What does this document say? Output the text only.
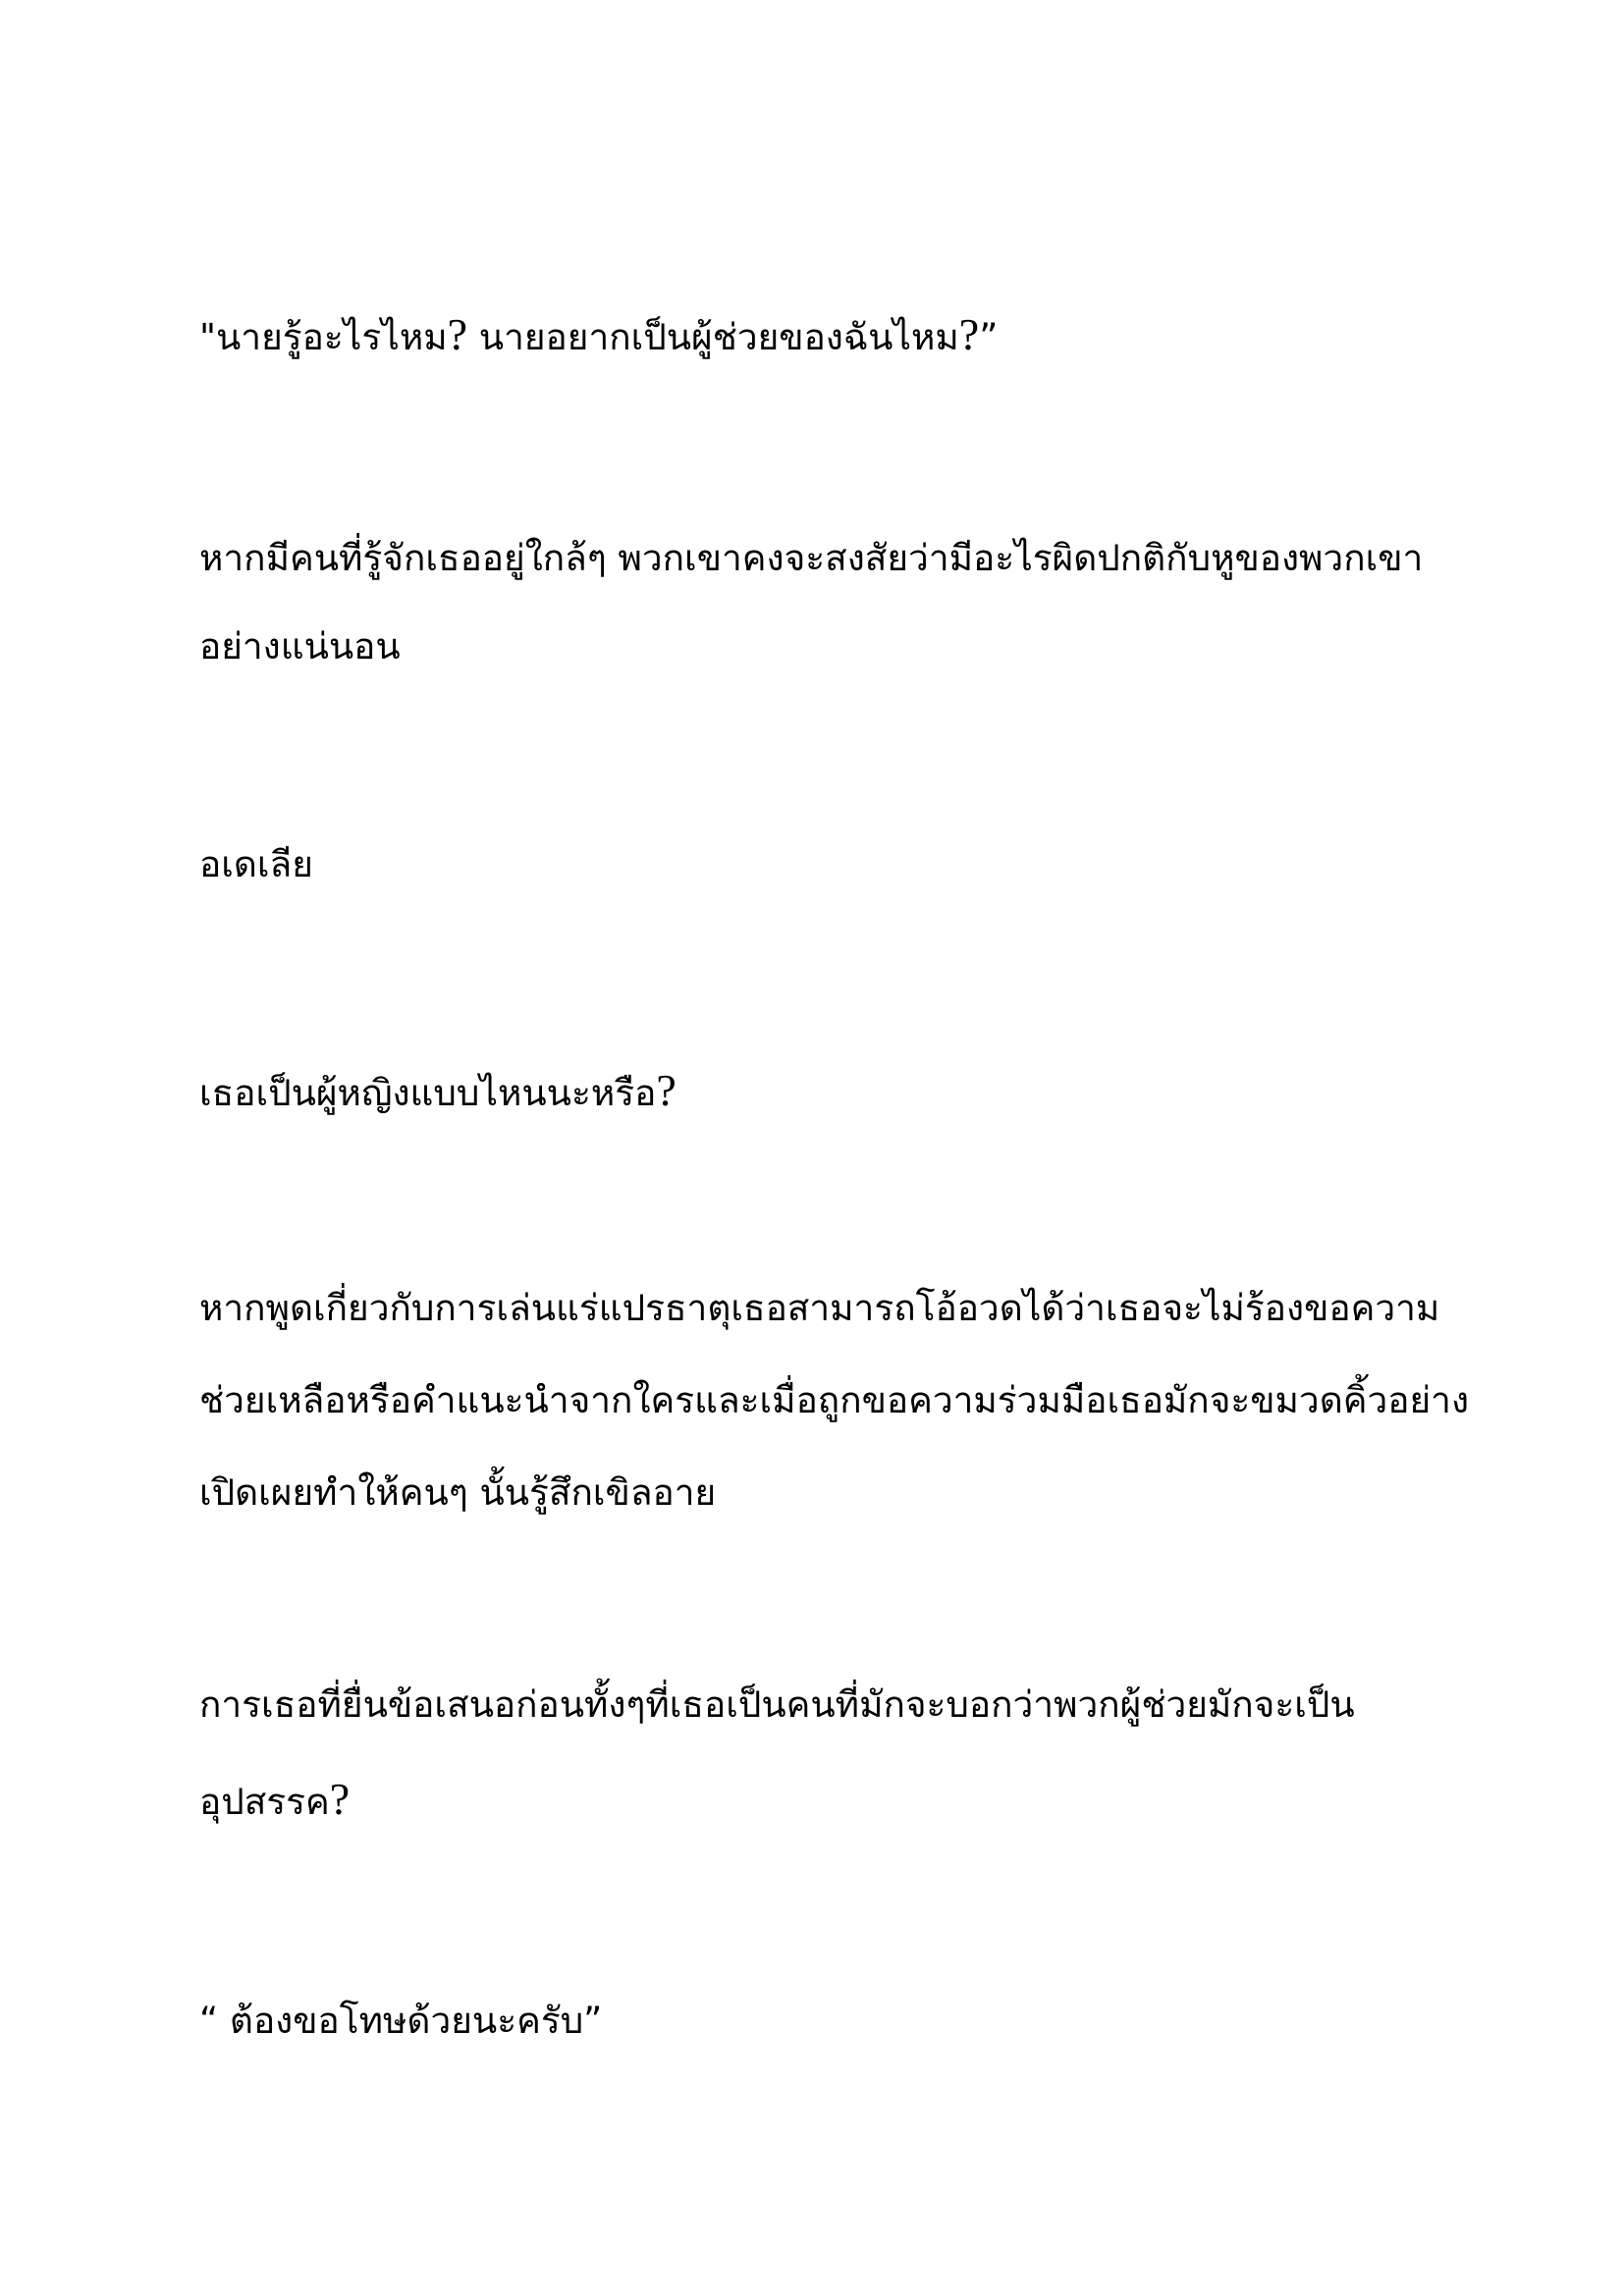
"นายรู้อะไรไหม? นายอยากเป็นผู้ช่วยของฉันไหม?”

หากมีคนที่รู้จักเธออยู่ใกล้ๆ พวกเขาคงจะสงสัยว่ามีอะไรผิดปกติกับหูของพวกเขา
อย่างแน่นอน

อเดเลีย

เธอเป็นผู้หญิงแบบไหนนะหรือ?

หากพูดเกี่ยวกับการเล่นแร่แปรธาตุเธอสามารถโอ้อวดได้ว่าเธอจะไม่ร้องขอความ
ช่วยเหลือหรือคำแนะนำจากใครและเมื่อถูกขอความร่วมมือเธอมักจะขมวดคิ้วอย่าง
เปิดเผยทำให้คนๆ นั้นรู้สึกเขิลอาย

การเธอที่ยื่นข้อเสนอก่อนทั้งๆที่เธอเป็นคนที่มักจะบอกว่าพวกผู้ช่วยมักจะเป็น
อุปสรรค?

“ ต้องขอโทษด้วยนะครับ”
